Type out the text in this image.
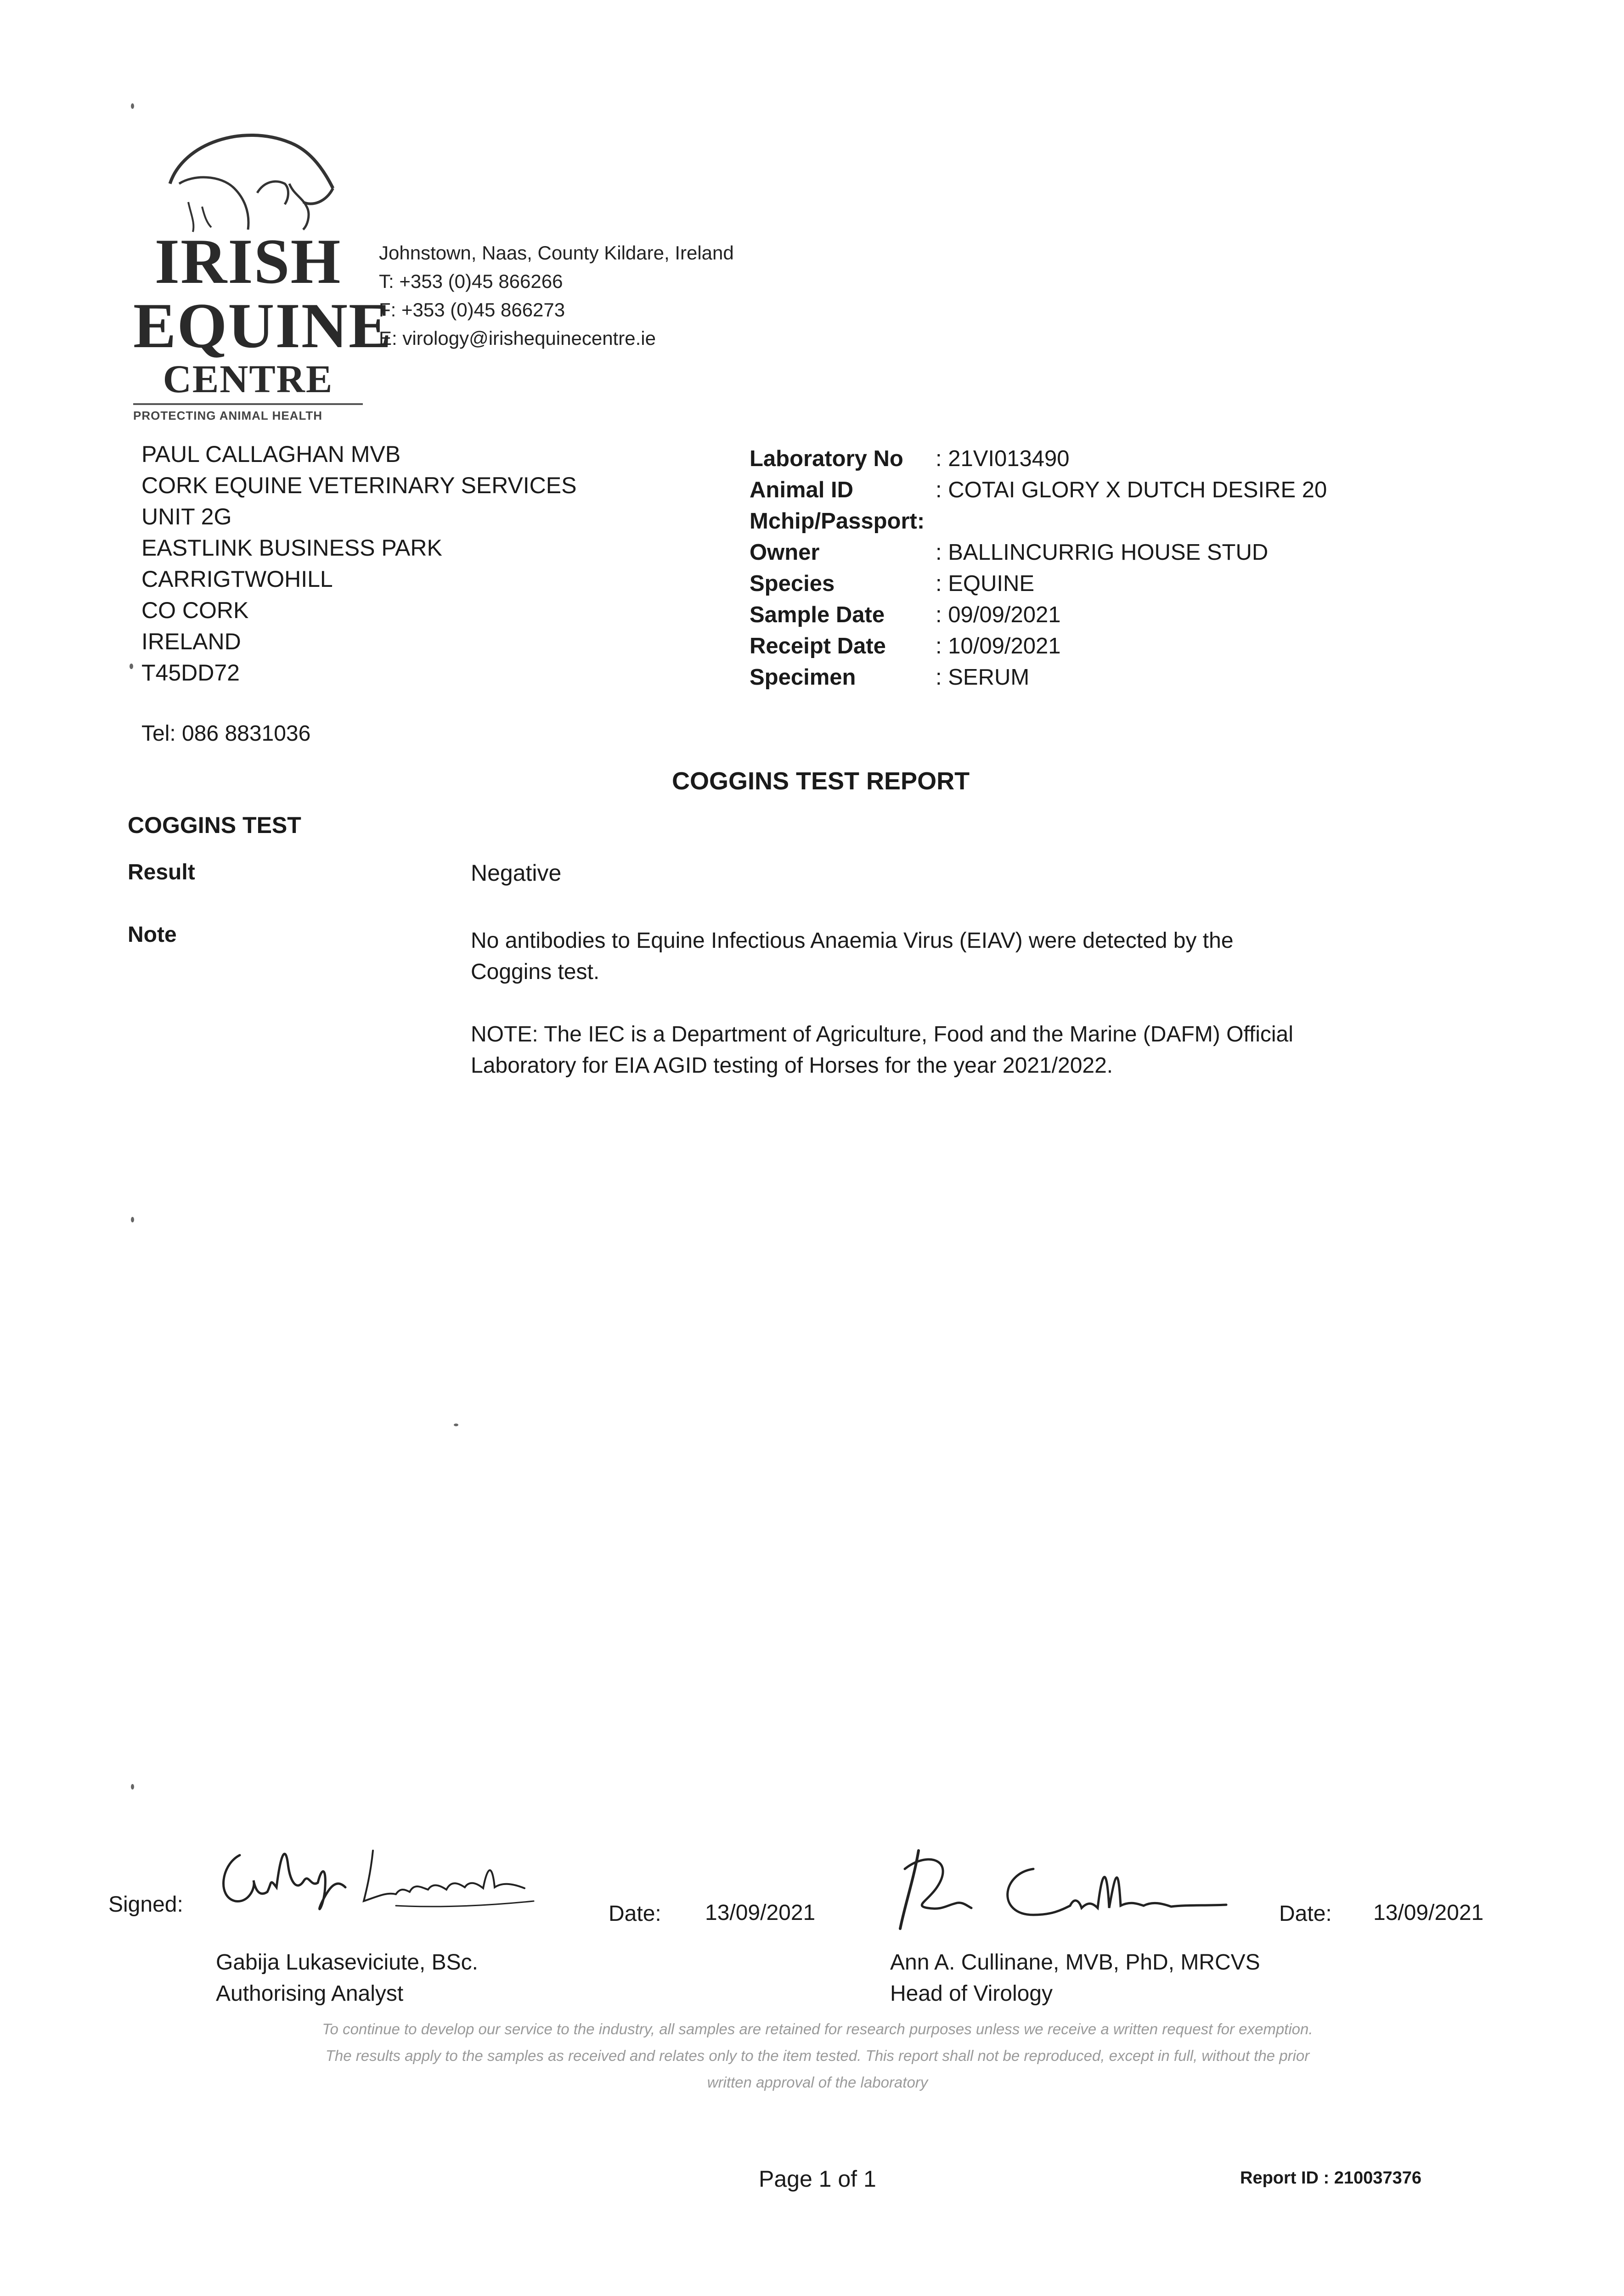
IRISH
EQUINE
CENTRE
PROTECTING ANIMAL HEALTH
Johnstown, Naas, County Kildare, Ireland
T: +353 (0)45 866266
F: +353 (0)45 866273
E: virology@irishequinecentre.ie
PAUL CALLAGHAN MVB
CORK EQUINE VETERINARY SERVICES
UNIT 2G
EASTLINK BUSINESS PARK
CARRIGTWOHILL
CO CORK
IRELAND
T45DD72
Tel: 086 8831036
Laboratory No	: 21VI013490
Animal ID	: COTAI GLORY X DUTCH DESIRE 20
Mchip/Passport:
Owner	: BALLINCURRIG HOUSE STUD
Species	: EQUINE
Sample Date	: 09/09/2021
Receipt Date	: 10/09/2021
Specimen	: SERUM
COGGINS TEST REPORT
COGGINS TEST
Result	Negative
Note	No antibodies to Equine Infectious Anaemia Virus (EIAV) were detected by the Coggins test.

NOTE: The IEC is a Department of Agriculture, Food and the Marine (DAFM) Official Laboratory for EIA AGID testing of Horses for the year 2021/2022.

Signed:	Date: 13/09/2021	Date: 13/09/2021
Gabija Lukaseviciute, BSc.
Authorising Analyst
Ann A. Cullinane, MVB, PhD, MRCVS
Head of Virology
To continue to develop our service to the industry, all samples are retained for research purposes unless we receive a written request for exemption.
The results apply to the samples as received and relates only to the item tested. This report shall not be reproduced, except in full, without the prior
written approval of the laboratory
Page 1 of 1	Report ID : 210037376
